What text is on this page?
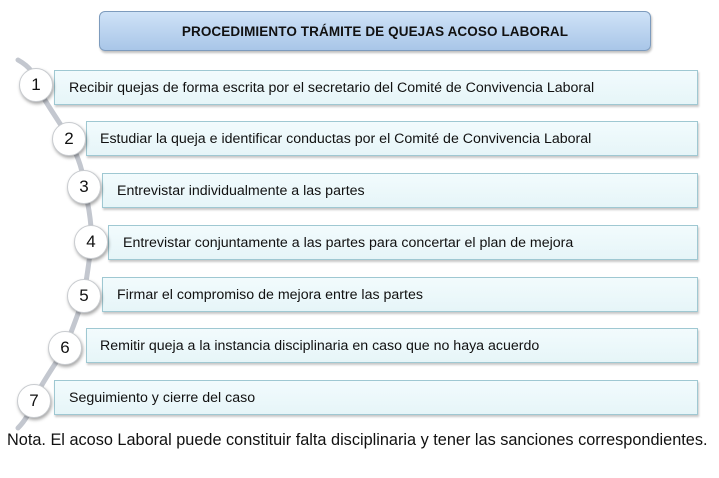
PROCEDIMIENTO TRÁMITE DE QUEJAS ACOSO LABORAL
Recibir quejas de forma escrita por el secretario del Comité de Convivencia Laboral
1
Estudiar la queja e identificar conductas por el Comité de Convivencia Laboral
2
Entrevistar individualmente a las partes
3
Entrevistar conjuntamente a las partes para concertar el plan de mejora
4
Firmar el compromiso de mejora entre las partes
5
Remitir queja a la instancia disciplinaria en caso que no haya acuerdo
6
Seguimiento y cierre del caso
7
Nota. El acoso Laboral puede constituir falta disciplinaria y tener las sanciones correspondientes.
